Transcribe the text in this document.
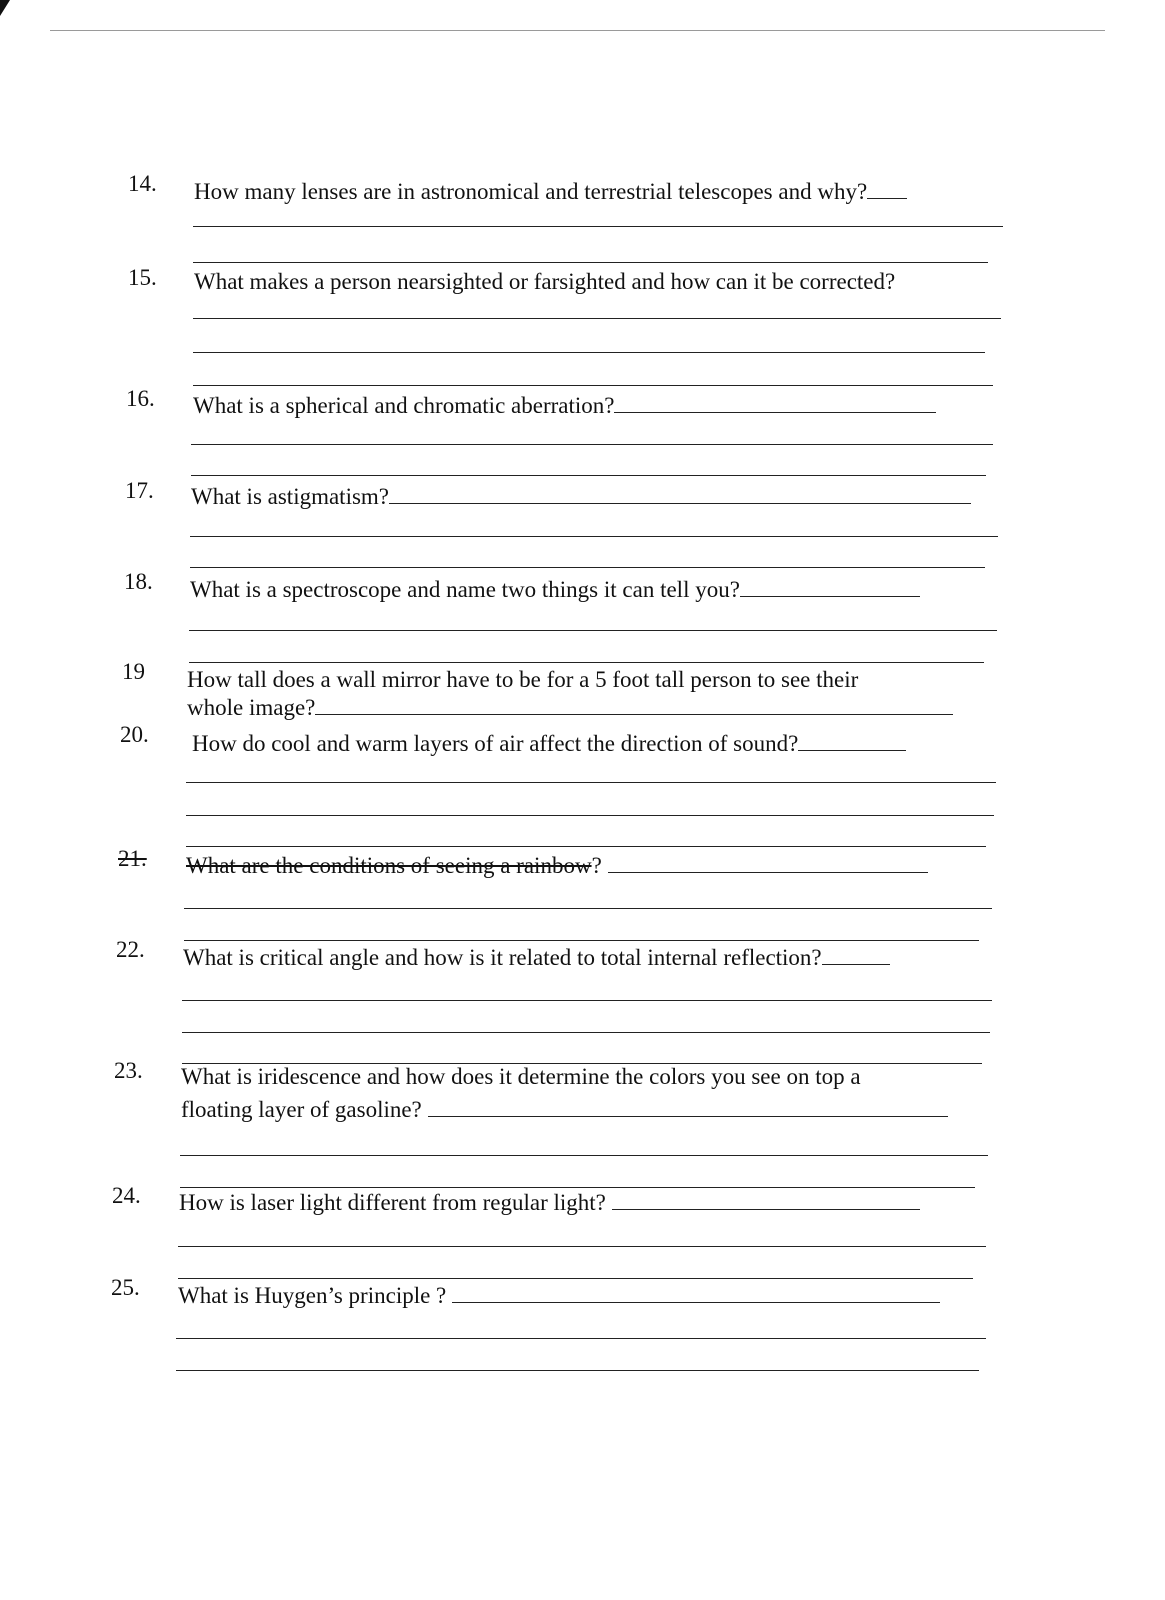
14. How many lenses are in astronomical and terrestrial telescopes and why?
15. What makes a person nearsighted or farsighted and how can it be corrected?
16. What is a spherical and chromatic aberration?
17. What is astigmatism?
18. What is a spectroscope and name two things it can tell you?
19 How tall does a wall mirror have to be for a 5 foot tall person to see their
whole image?
20. How do cool and warm layers of air affect the direction of sound?
21. What are the conditions of seeing a rainbow?
22. What is critical angle and how is it related to total internal reflection?
23. What is iridescence and how does it determine the colors you see on top a
floating layer of gasoline?
24. How is laser light different from regular light?
25. What is Huygen’s principle ?
